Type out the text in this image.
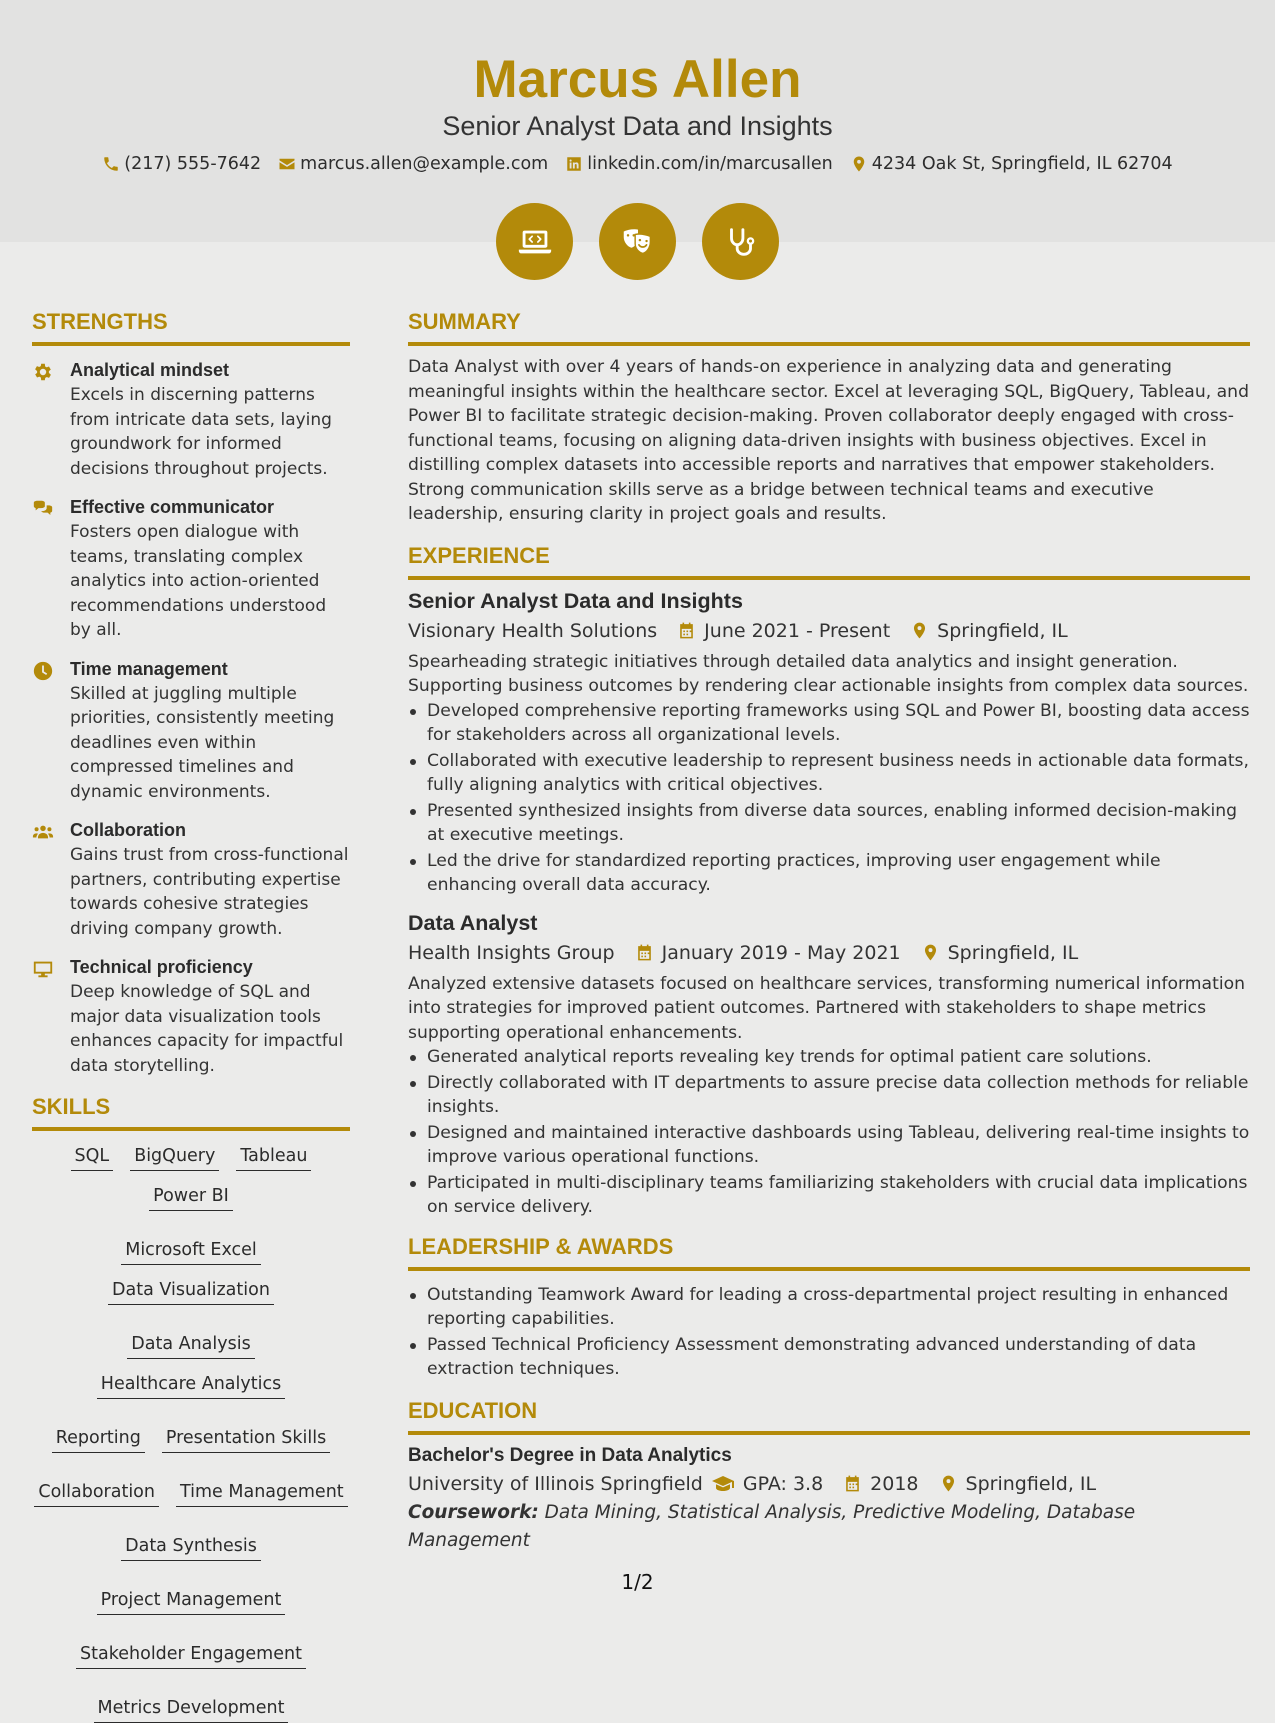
Marcus Allen
Senior Analyst Data and Insights
(217) 555-7642 marcus.allen@example.com linkedin.com/in/marcusallen 4234 Oak St, Springfield, IL 62704
STRENGTHS
Analytical mindset
Excels in discerning patterns from intricate data sets, laying groundwork for informed decisions throughout projects.
Effective communicator
Fosters open dialogue with teams, translating complex analytics into action-oriented recommendations understood by all.
Time management
Skilled at juggling multiple priorities, consistently meeting deadlines even within compressed timelines and dynamic environments.
Collaboration
Gains trust from cross-functional partners, contributing expertise towards cohesive strategies driving company growth.
Technical proficiency
Deep knowledge of SQL and major data visualization tools enhances capacity for impactful data storytelling.
SKILLS
SQL BigQuery Tableau
Power BI
Microsoft Excel
Data Visualization
Data Analysis
Healthcare Analytics
Reporting Presentation Skills
Collaboration Time Management
Data Synthesis
Project Management
Stakeholder Engagement
Metrics Development
SUMMARY
Data Analyst with over 4 years of hands-on experience in analyzing data and generating meaningful insights within the healthcare sector. Excel at leveraging SQL, BigQuery, Tableau, and Power BI to facilitate strategic decision-making. Proven collaborator deeply engaged with cross-functional teams, focusing on aligning data-driven insights with business objectives. Excel in distilling complex datasets into accessible reports and narratives that empower stakeholders. Strong communication skills serve as a bridge between technical teams and executive leadership, ensuring clarity in project goals and results.
EXPERIENCE
Senior Analyst Data and Insights
Visionary Health Solutions June 2021 - Present Springfield, IL
Spearheading strategic initiatives through detailed data analytics and insight generation. Supporting business outcomes by rendering clear actionable insights from complex data sources.
Developed comprehensive reporting frameworks using SQL and Power BI, boosting data access for stakeholders across all organizational levels.
Collaborated with executive leadership to represent business needs in actionable data formats, fully aligning analytics with critical objectives.
Presented synthesized insights from diverse data sources, enabling informed decision-making at executive meetings.
Led the drive for standardized reporting practices, improving user engagement while enhancing overall data accuracy.
Data Analyst
Health Insights Group January 2019 - May 2021 Springfield, IL
Analyzed extensive datasets focused on healthcare services, transforming numerical information into strategies for improved patient outcomes. Partnered with stakeholders to shape metrics supporting operational enhancements.
Generated analytical reports revealing key trends for optimal patient care solutions.
Directly collaborated with IT departments to assure precise data collection methods for reliable insights.
Designed and maintained interactive dashboards using Tableau, delivering real-time insights to improve various operational functions.
Participated in multi-disciplinary teams familiarizing stakeholders with crucial data implications on service delivery.
LEADERSHIP & AWARDS
Outstanding Teamwork Award for leading a cross-departmental project resulting in enhanced reporting capabilities.
Passed Technical Proficiency Assessment demonstrating advanced understanding of data extraction techniques.
EDUCATION
Bachelor's Degree in Data Analytics
University of Illinois Springfield GPA: 3.8 2018 Springfield, IL
Coursework: Data Mining, Statistical Analysis, Predictive Modeling, Database Management
1/2
